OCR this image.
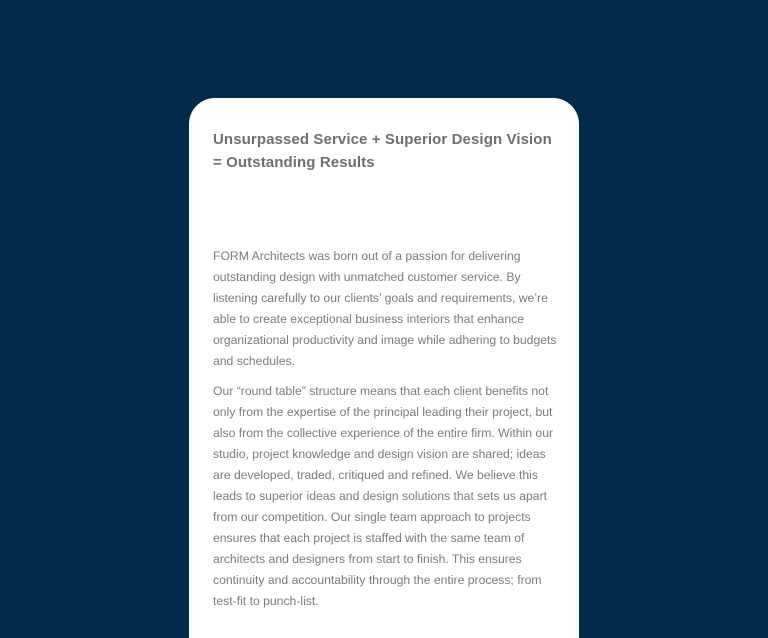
Unsurpassed Service + Superior Design Vision = Outstanding Results

FORM Architects was born out of a passion for delivering outstanding design with unmatched customer service. By listening carefully to our clients’ goals and requirements, we’re able to create exceptional business interiors that enhance organizational productivity and image while adhering to budgets and schedules.

Our “round table” structure means that each client benefits not only from the expertise of the principal leading their project, but also from the collective experience of the entire firm. Within our studio, project knowledge and design vision are shared; ideas are developed, traded, critiqued and refined. We believe this leads to superior ideas and design solutions that sets us apart from our competition. Our single team approach to projects ensures that each project is staffed with the same team of architects and designers from start to finish. This ensures continuity and accountability through the entire process; from test-fit to punch-list.
